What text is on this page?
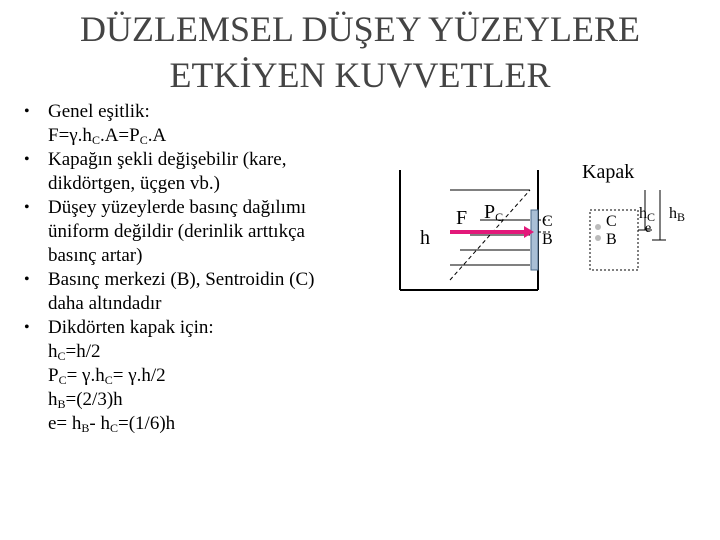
DÜZLEMSEL DÜŞEY YÜZEYLERE
ETKİYEN KUVVETLER
• Genel eşitlik:
$F=\gamma.h_C.A=P_C.A$
• Kapağın şekli değişebilir (kare,
dikdörtgen, üçgen vb.)
• Düşey yüzeylerde basınç dağılımı
üniform değildir (derinlik arttıkça
basınç artar)
• Basınç merkezi (B), Sentroidin (C)
daha altındadır
• Dikdörten kapak için:
$h_C=h/2$
$P_C= \gamma.h_C= \gamma.h/2$
$h_B=(2/3)h$
$e= h_B-$ $h_C=(1/6)h$
Kapak
h
F $P_C$ C
B
C
B
$h_C$ $h_B$
e
